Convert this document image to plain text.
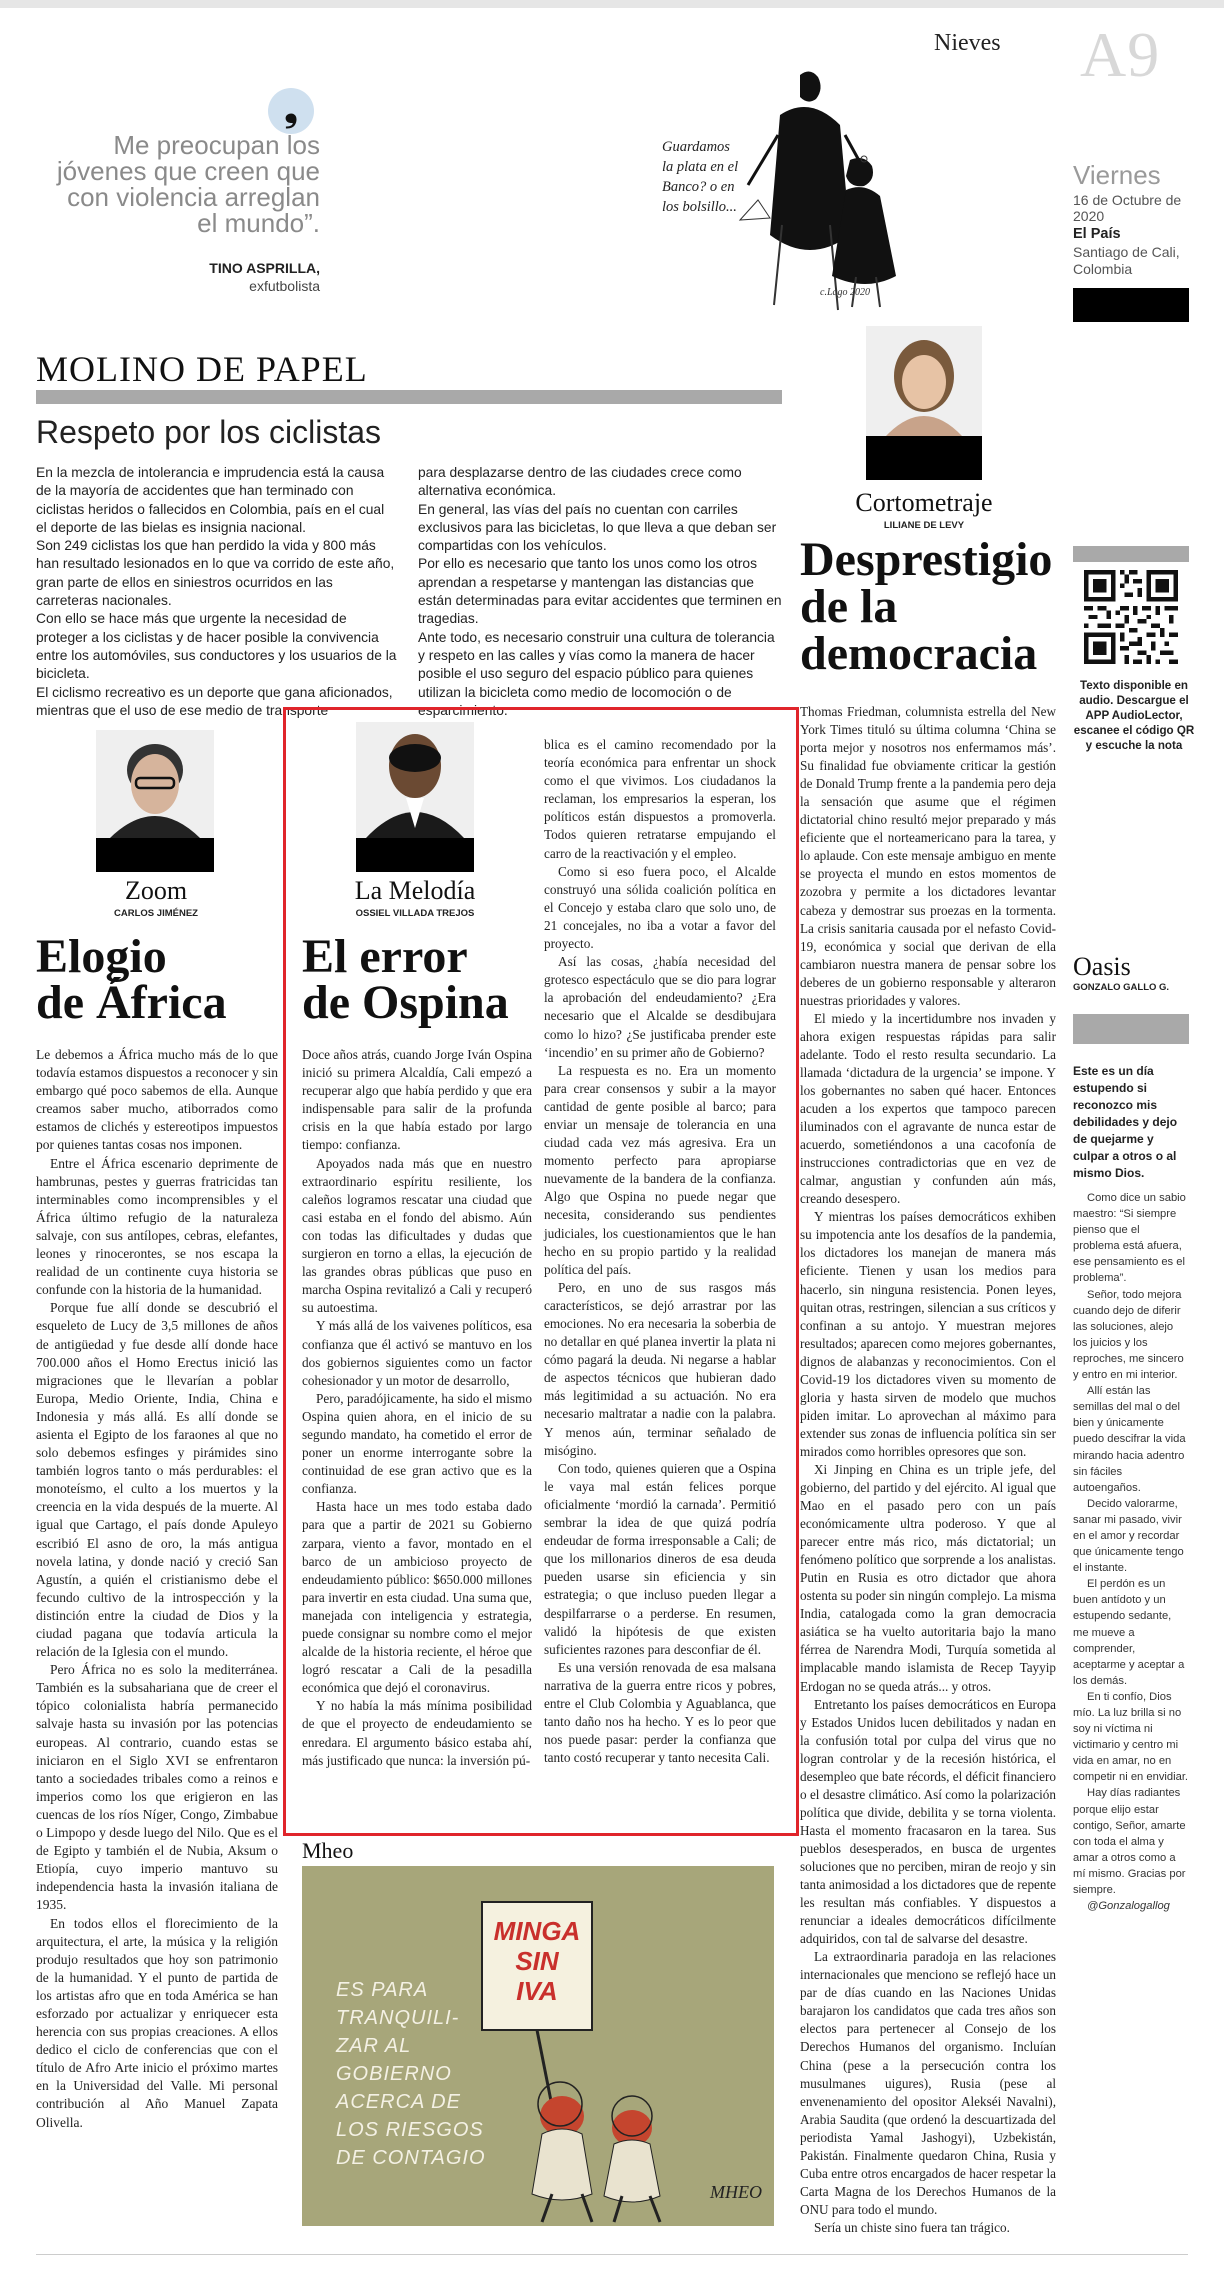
Nieves A9
Viernes
16 de Octubre de 2020
El País
Santiago de Cali, Colombia
❟
Me preocupan los jóvenes que creen que con violencia arreglan el mundo”.
TINO ASPRILLA,
exfutbolista
Guardamos la plata en el Banco? o en los bolsillo...
c.Lago 2020
MOLINO DE PAPEL
Respeto por los ciclistas

En la mezcla de intolerancia e imprudencia está la causa de la mayoría de accidentes que han terminado con ciclistas heridos o fallecidos en Colombia, país en el cual el deporte de las bielas es insignia nacional.

Son 249 ciclistas los que han perdido la vida y 800 más han resultado lesionados en lo que va corrido de este año, gran parte de ellos en siniestros ocurridos en las carreteras nacionales.

Con ello se hace más que urgente la necesidad de proteger a los ciclistas y de hacer posible la convivencia entre los automóviles, sus conductores y los usuarios de la bicicleta.

El ciclismo recreativo es un deporte que gana aficionados, mientras que el uso de ese medio de transporte

para desplazarse dentro de las ciudades crece como alternativa económica.

En general, las vías del país no cuentan con carriles exclusivos para las bicicletas, lo que lleva a que deban ser compartidas con los vehículos.

Por ello es necesario que tanto los unos como los otros aprendan a respetarse y mantengan las distancias que están determinadas para evitar accidentes que terminen en tragedias.

Ante todo, es necesario construir una cultura de tolerancia y respeto en las calles y vías como la manera de hacer posible el uso seguro del espacio público para quienes utilizan la bicicleta como medio de locomoción o de esparcimiento.

Cortometraje
LILIANE DE LEVY
Desprestigio de la democracia

Thomas Friedman, columnista estrella del New York Times tituló su última columna ‘China se porta mejor y nosotros nos enfermamos más’. Su finalidad fue obviamente criticar la gestión de Donald Trump frente a la pandemia pero deja la sensación que asume que el régimen dictatorial chino resultó mejor preparado y más eficiente que el norteamericano para la tarea, y lo aplaude. Con este mensaje ambiguo en mente se proyecta el mundo en estos momentos de zozobra y permite a los dictadores levantar cabeza y demostrar sus proezas en la tormenta. La crisis sanitaria causada por el nefasto Covid-19, económica y social que derivan de ella cambiaron nuestra manera de pensar sobre los deberes de un gobierno responsable y alteraron nuestras prioridades y valores.

El miedo y la incertidumbre nos invaden y ahora exigen respuestas rápidas para salir adelante. Todo el resto resulta secundario. La llamada ‘dictadura de la urgencia’ se impone. Y los gobernantes no saben qué hacer. Entonces acuden a los expertos que tampoco parecen iluminados con el agravante de nunca estar de acuerdo, sometiéndonos a una cacofonía de instrucciones contradictorias que en vez de calmar, angustian y confunden aún más, creando desespero.

Y mientras los países democráticos exhiben su impotencia ante los desafíos de la pandemia, los dictadores los manejan de manera más eficiente. Tienen y usan los medios para hacerlo, sin ninguna resistencia. Ponen leyes, quitan otras, restringen, silencian a sus críticos y confinan a su antojo. Y muestran mejores resultados; aparecen como mejores gobernantes, dignos de alabanzas y reconocimientos. Con el Covid-19 los dictadores viven su momento de gloria y hasta sirven de modelo que muchos piden imitar. Lo aprovechan al máximo para extender sus zonas de influencia política sin ser mirados como horribles opresores que son.

Xi Jinping en China es un triple jefe, del gobierno, del partido y del ejército. Al igual que Mao en el pasado pero con un país económicamente ultra poderoso. Y que al parecer entre más rico, más dictatorial; un fenómeno político que sorprende a los analistas. Putin en Rusia es otro dictador que ahora ostenta su poder sin ningún complejo. La misma India, catalogada como la gran democracia asiática se ha vuelto autoritaria bajo la mano férrea de Narendra Modi, Turquía sometida al implacable mando islamista de Recep Tayyip Erdogan no se queda atrás... y otros.

Entretanto los países democráticos en Europa y Estados Unidos lucen debilitados y nadan en la confusión total por culpa del virus que no logran controlar y de la recesión histórica, el desempleo que bate récords, el déficit financiero o el desastre climático. Así como la polarización política que divide, debilita y se torna violenta. Hasta el momento fracasaron en la tarea. Sus pueblos desesperados, en busca de urgentes soluciones que no perciben, miran de reojo y sin tanta animosidad a los dictadores que de repente les resultan más confiables. Y dispuestos a renunciar a ideales democráticos difícilmente adquiridos, con tal de salvarse del desastre.

La extraordinaria paradoja en las relaciones internacionales que menciono se reflejó hace un par de días cuando en las Naciones Unidas barajaron los candidatos que cada tres años son electos para pertenecer al Consejo de los Derechos Humanos del organismo. Incluían China (pese a la persecución contra los musulmanes uigures), Rusia (pese al envenenamiento del opositor Alekséi Navalni), Arabia Saudita (que ordenó la descuartizada del periodista Yamal Jashogyi), Uzbekistán, Pakistán. Finalmente quedaron China, Rusia y Cuba entre otros encargados de hacer respetar la Carta Magna de los Derechos Humanos de la ONU para todo el mundo.

Sería un chiste sino fuera tan trágico.

Texto disponible en audio. Descargue el
APP AudioLector,
escanee el código QR y escuche la nota
Oasis
GONZALO GALLO G.
Este es un día estupendo si reconozco mis debilidades y dejo de quejarme y culpar a otros o al mismo Dios.

Como dice un sabio maestro: “Si siempre pienso que el problema está afuera, ese pensamiento es el problema”.

Señor, todo mejora cuando dejo de diferir las soluciones, alejo los juicios y los reproches, me sincero y entro en mi interior.

Allí están las semillas del mal o del bien y únicamente puedo descifrar la vida mirando hacia adentro sin fáciles autoengaños.

Decido valorarme, sanar mi pasado, vivir en el amor y recordar que únicamente tengo el instante.

El perdón es un buen antídoto y un estupendo sedante, me mueve a comprender, aceptarme y aceptar a los demás.

En ti confío, Dios mío. La luz brilla si no soy ni víctima ni victimario y centro mi vida en amar, no en competir ni en envidiar.

Hay días radiantes porque elijo estar contigo, Señor, amarte con toda el alma y amar a otros como a mí mismo. Gracias por siempre.

@Gonzalogallog

Zoom
CARLOS JIMÉNEZ
Elogio
de África

Le debemos a África mucho más de lo que todavía estamos dispuestos a reconocer y sin embargo qué poco sabemos de ella. Aunque creamos saber mucho, atiborrados como estamos de clichés y estereotipos impuestos por quienes tantas cosas nos imponen.

Entre el África escenario deprimente de hambrunas, pestes y guerras fratricidas tan interminables como incomprensibles y el África último refugio de la naturaleza salvaje, con sus antílopes, cebras, elefantes, leones y rinocerontes, se nos escapa la realidad de un continente cuya historia se confunde con la historia de la humanidad.

Porque fue allí donde se descubrió el esqueleto de Lucy de 3,5 millones de años de antigüedad y fue desde allí donde hace 700.000 años el Homo Erectus inició las migraciones que le llevarían a poblar Europa, Medio Oriente, India, China e Indonesia y más allá. Es allí donde se asienta el Egipto de los faraones al que no solo debemos esfinges y pirámides sino también logros tanto o más perdurables: el monoteísmo, el culto a los muertos y la creencia en la vida después de la muerte. Al igual que Cartago, el país donde Apuleyo escribió El asno de oro, la más antigua novela latina, y donde nació y creció San Agustín, a quién el cristianismo debe el fecundo cultivo de la introspección y la distinción entre la ciudad de Dios y la ciudad pagana que todavía articula la relación de la Iglesia con el mundo.

Pero África no es solo la mediterránea. También es la subsahariana que de creer el tópico colonialista habría permanecido salvaje hasta su invasión por las potencias europeas. Al contrario, cuando estas se iniciaron en el Siglo XVI se enfrentaron tanto a sociedades tribales como a reinos e imperios como los que erigieron en las cuencas de los ríos Níger, Congo, Zimbabue o Limpopo y desde luego del Nilo. Que es el de Egipto y también el de Nubia, Aksum o Etiopía, cuyo imperio mantuvo su independencia hasta la invasión italiana de 1935.

En todos ellos el florecimiento de la arquitectura, el arte, la música y la religión produjo resultados que hoy son patrimonio de la humanidad. Y el punto de partida de los artistas afro que en toda América se han esforzado por actualizar y enriquecer esta herencia con sus propias creaciones. A ellos dedico el ciclo de conferencias que con el título de Afro Arte inicio el próximo martes en la Universidad del Valle. Mi personal contribución al Año Manuel Zapata Olivella.

La Melodía
OSSIEL VILLADA TREJOS
El error
de Ospina

Doce años atrás, cuando Jorge Iván Ospina inició su primera Alcaldía, Cali empezó a recuperar algo que había perdido y que era indispensable para salir de la profunda crisis en la que había estado por largo tiempo: confianza.

Apoyados nada más que en nuestro extraordinario espíritu resiliente, los caleños logramos rescatar una ciudad que casi estaba en el fondo del abismo. Aún con todas las dificultades y dudas que surgieron en torno a ellas, la ejecución de las grandes obras públicas que puso en marcha Ospina revitalizó a Cali y recuperó su autoestima.

Y más allá de los vaivenes políticos, esa confianza que él activó se mantuvo en los dos gobiernos siguientes como un factor cohesionador y un motor de desarrollo,

Pero, paradójicamente, ha sido el mismo Ospina quien ahora, en el inicio de su segundo mandato, ha cometido el error de poner un enorme interrogante sobre la continuidad de ese gran activo que es la confianza.

Hasta hace un mes todo estaba dado para que a partir de 2021 su Gobierno zarpara, viento a favor, montado en el barco de un ambicioso proyecto de endeudamiento público: $650.000 millones para invertir en esta ciudad. Una suma que, manejada con inteligencia y estrategia, puede consignar su nombre como el mejor alcalde de la historia reciente, el héroe que logró rescatar a Cali de la pesadilla económica que dejó el coronavirus.

Y no había la más mínima posibilidad de que el proyecto de endeudamiento se enredara. El argumento básico estaba ahí, más justificado que nunca: la inversión pú-

blica es el camino recomendado por la teoría económica para enfrentar un shock como el que vivimos. Los ciudadanos la reclaman, los empresarios la esperan, los políticos están dispuestos a promoverla. Todos quieren retratarse empujando el carro de la reactivación y el empleo.

Como si eso fuera poco, el Alcalde construyó una sólida coalición política en el Concejo y estaba claro que solo uno, de 21 concejales, no iba a votar a favor del proyecto.

Así las cosas, ¿había necesidad del grotesco espectáculo que se dio para lograr la aprobación del endeudamiento? ¿Era necesario que el Alcalde se desdibujara como lo hizo? ¿Se justificaba prender este ‘incendio’ en su primer año de Gobierno?

La respuesta es no. Era un momento para crear consensos y subir a la mayor cantidad de gente posible al barco; para enviar un mensaje de tolerancia en una ciudad cada vez más agresiva. Era un momento perfecto para apropiarse nuevamente de la bandera de la confianza. Algo que Ospina no puede negar que necesita, considerando sus pendientes judiciales, los cuestionamientos que le han hecho en su propio partido y la realidad política del país.

Pero, en uno de sus rasgos más característicos, se dejó arrastrar por las emociones. No era necesaria la soberbia de no detallar en qué planea invertir la plata ni cómo pagará la deuda. Ni negarse a hablar de aspectos técnicos que hubieran dado más legitimidad a su actuación. No era necesario maltratar a nadie con la palabra. Y menos aún, terminar señalado de misógino.

Con todo, quienes quieren que a Ospina le vaya mal están felices porque oficialmente ‘mordió la carnada’. Permitió sembrar la idea de que quizá podría endeudar de forma irresponsable a Cali; de que los millonarios dineros de esa deuda pueden usarse sin eficiencia y sin estrategia; o que incluso pueden llegar a despilfarrarse o a perderse. En resumen, validó la hipótesis de que existen suficientes razones para desconfiar de él.

Es una versión renovada de esa malsana narrativa de la guerra entre ricos y pobres, entre el Club Colombia y Aguablanca, que tanto daño nos ha hecho. Y es lo peor que nos puede pasar: perder la confianza que tanto costó recuperar y tanto necesita Cali.

Mheo
MINGA
SIN
IVA
ES PARA
TRANQUILI-
ZAR AL
GOBIERNO
ACERCA DE
LOS RIESGOS
DE CONTAGIO
MHEO
